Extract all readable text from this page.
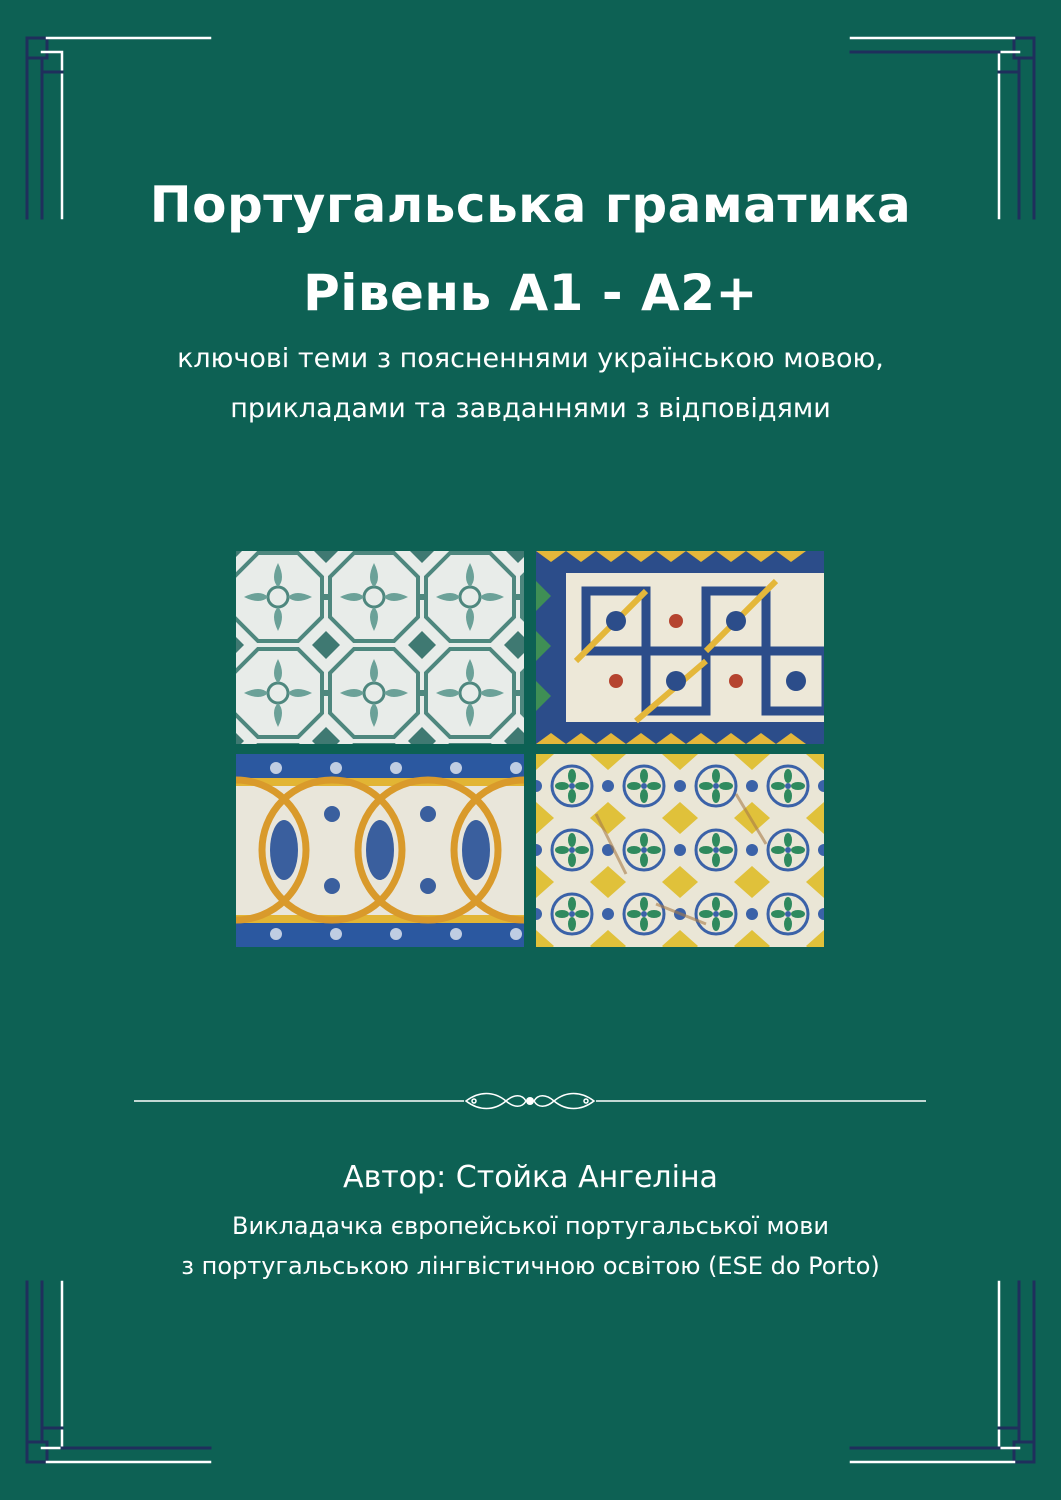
Португальська граматика
Рівень А1 - А2+

ключові теми з поясненнями українською мовою,
прикладами та завданнями з відповідями

Автор: Стойка Ангеліна

Викладачка європейської португальської мови
з португальською лінгвістичною освітою (ESE do Porto)
